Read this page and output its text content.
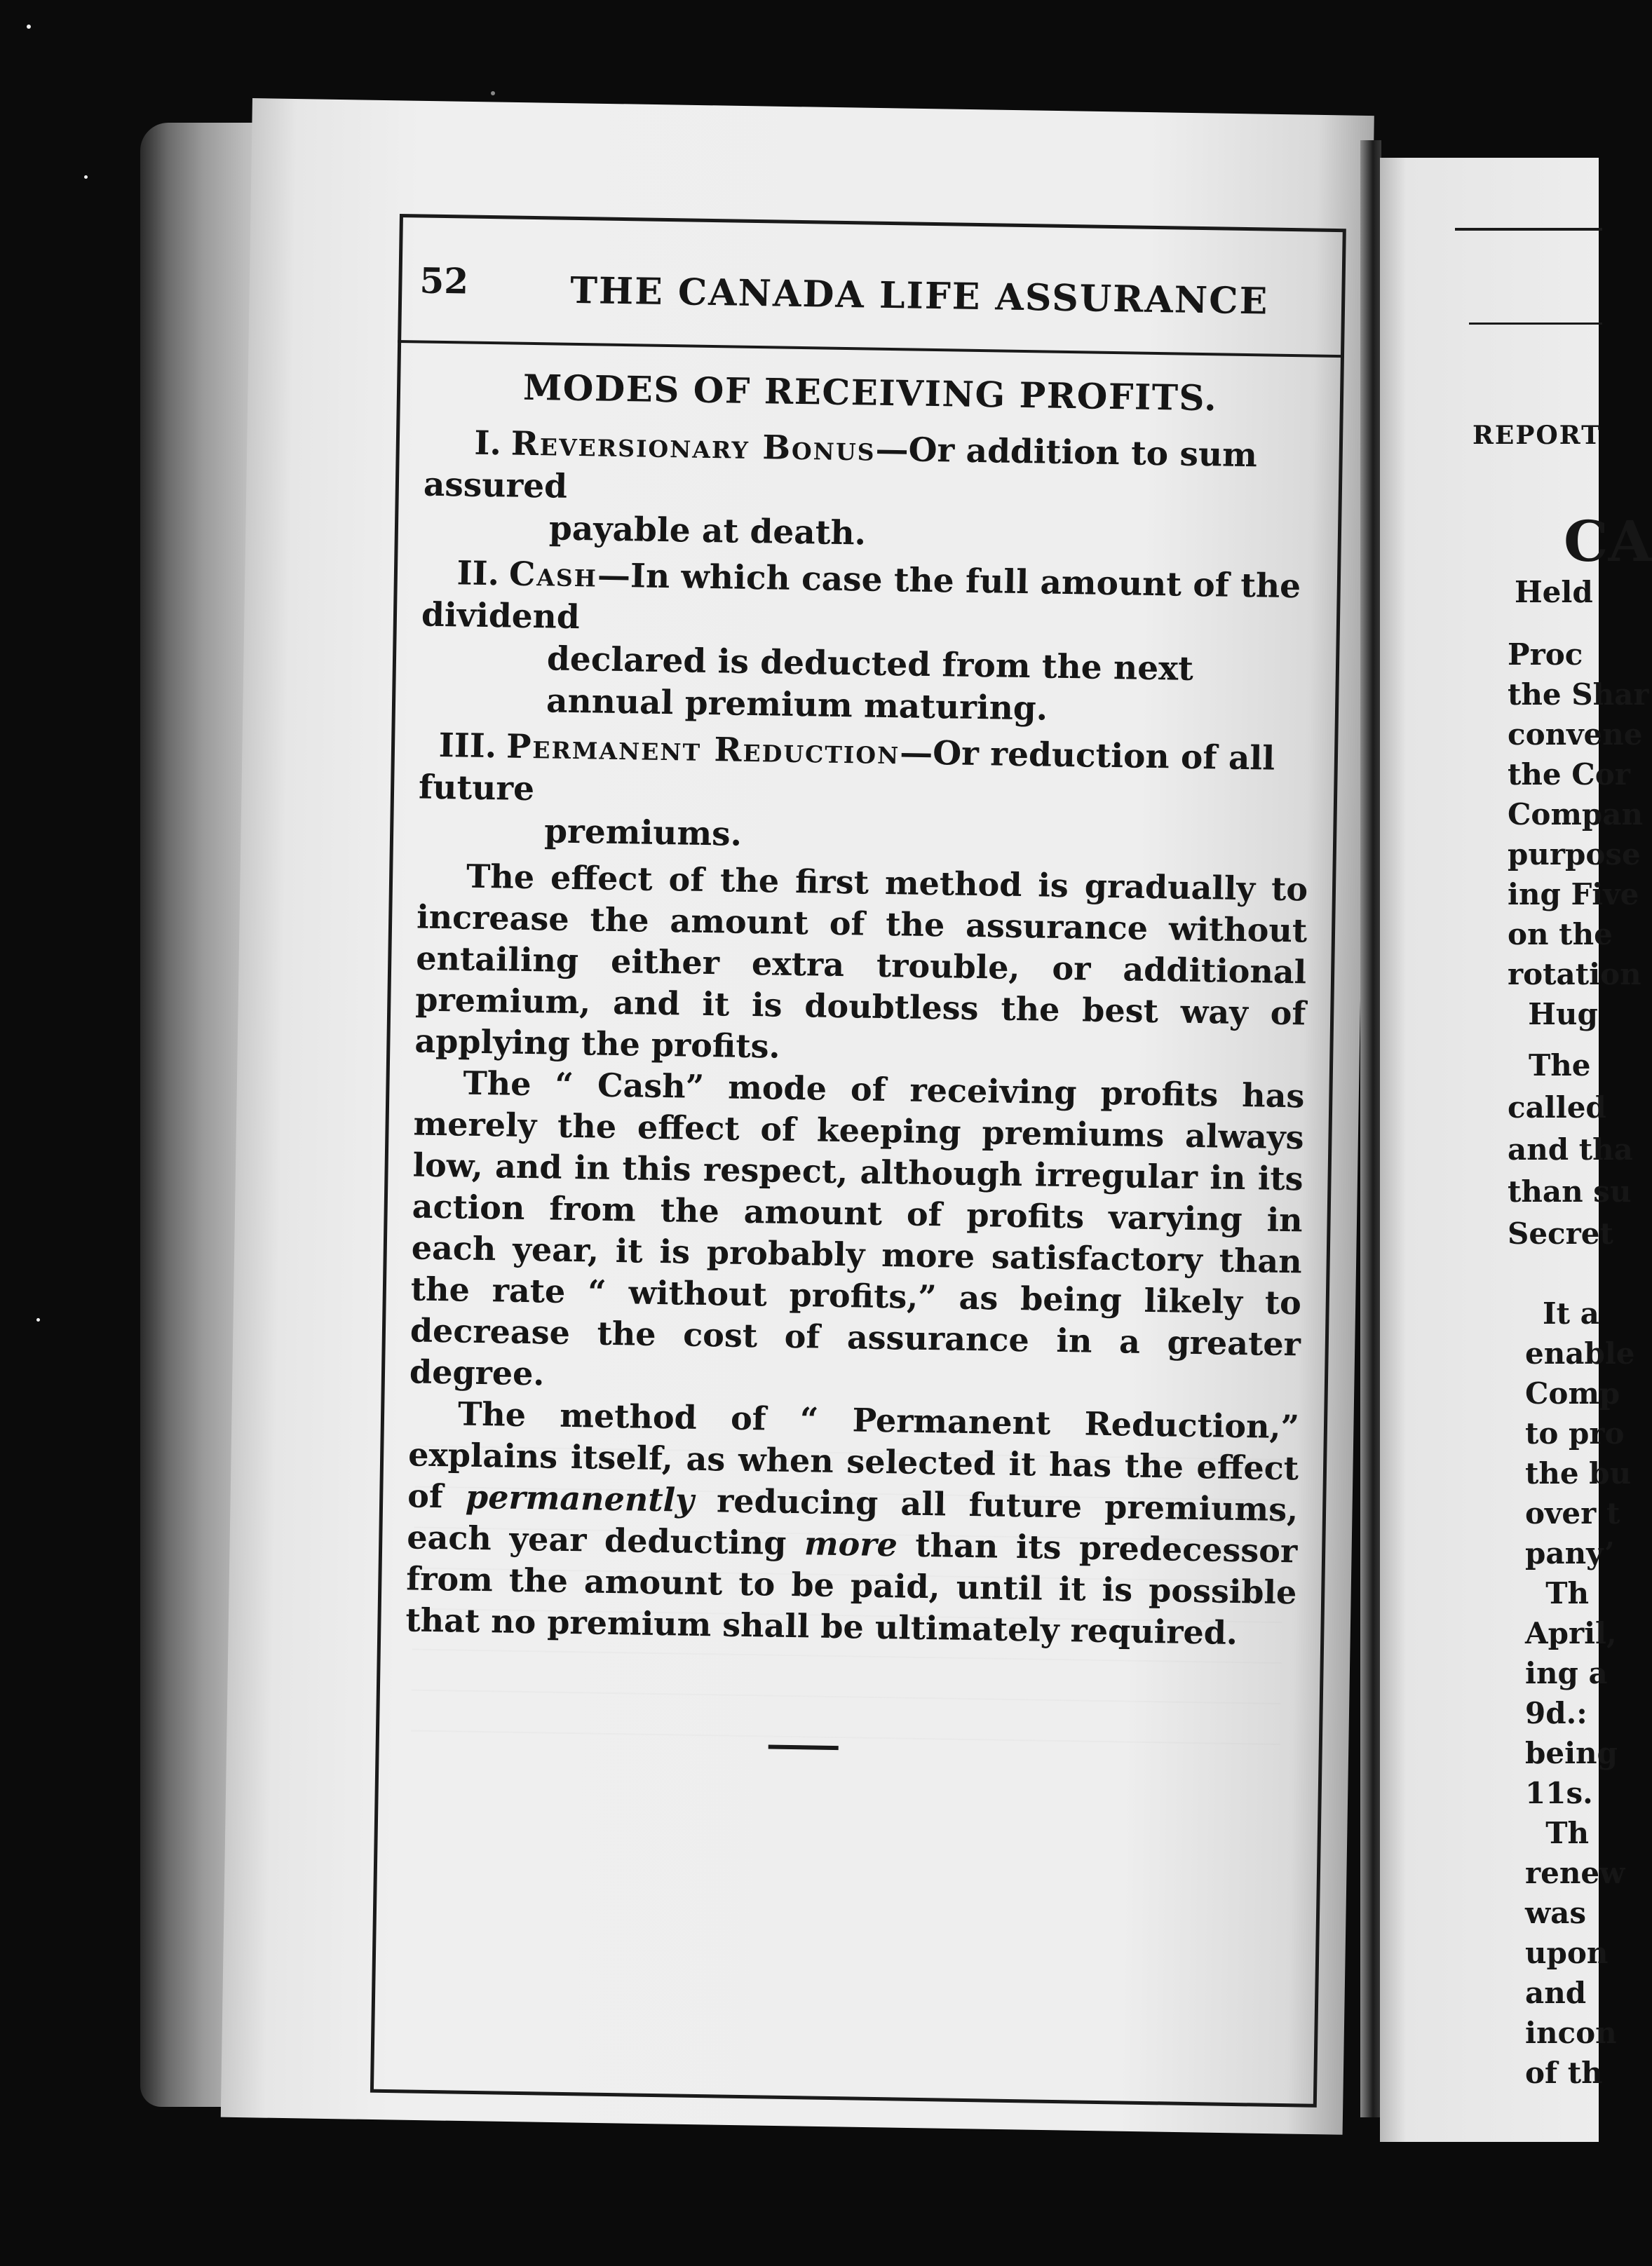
52	THE CANADA LIFE ASSURANCE
MODES OF RECEIVING PROFITS.
I. Reversionary Bonus—Or addition to sum assured
payable at death.
II. Cash—In which case the full amount of the dividend
declared is deducted from the next annual premium maturing.
III. Permanent Reduction—Or reduction of all future
premiums.

The effect of the first method is gradually to increase the amount of the assurance without entailing either extra trouble, or additional premium, and it is doubtless the best way of applying the profits.

The “ Cash” mode of receiving profits has merely the effect of keeping premiums always low, and in this respect, although irregular in its action from the amount of profits varying in each year, it is probably more satisfactory than the rate “ without profits,” as being likely to decrease the cost of assurance in a greater degree.

The method of “ Permanent Reduction,” explains itself, as when selected it has the effect of permanently reducing all future premiums, each year deducting more than its predecessor from the amount to be paid, until it is possible that no premium shall be ultimately required.

REPORT
CA
Held
Proc
the Shar
convene
the Cor
Compan
purpose
ing Five
on the
rotation
Hug
The
called
and tha
than su
Secret
It a
enable
Comp
to pro
the bu
over t
pany’
Th
April,
ing a
9d.:
being
11s.
Th
renew
was
upon
and
incon
of th
